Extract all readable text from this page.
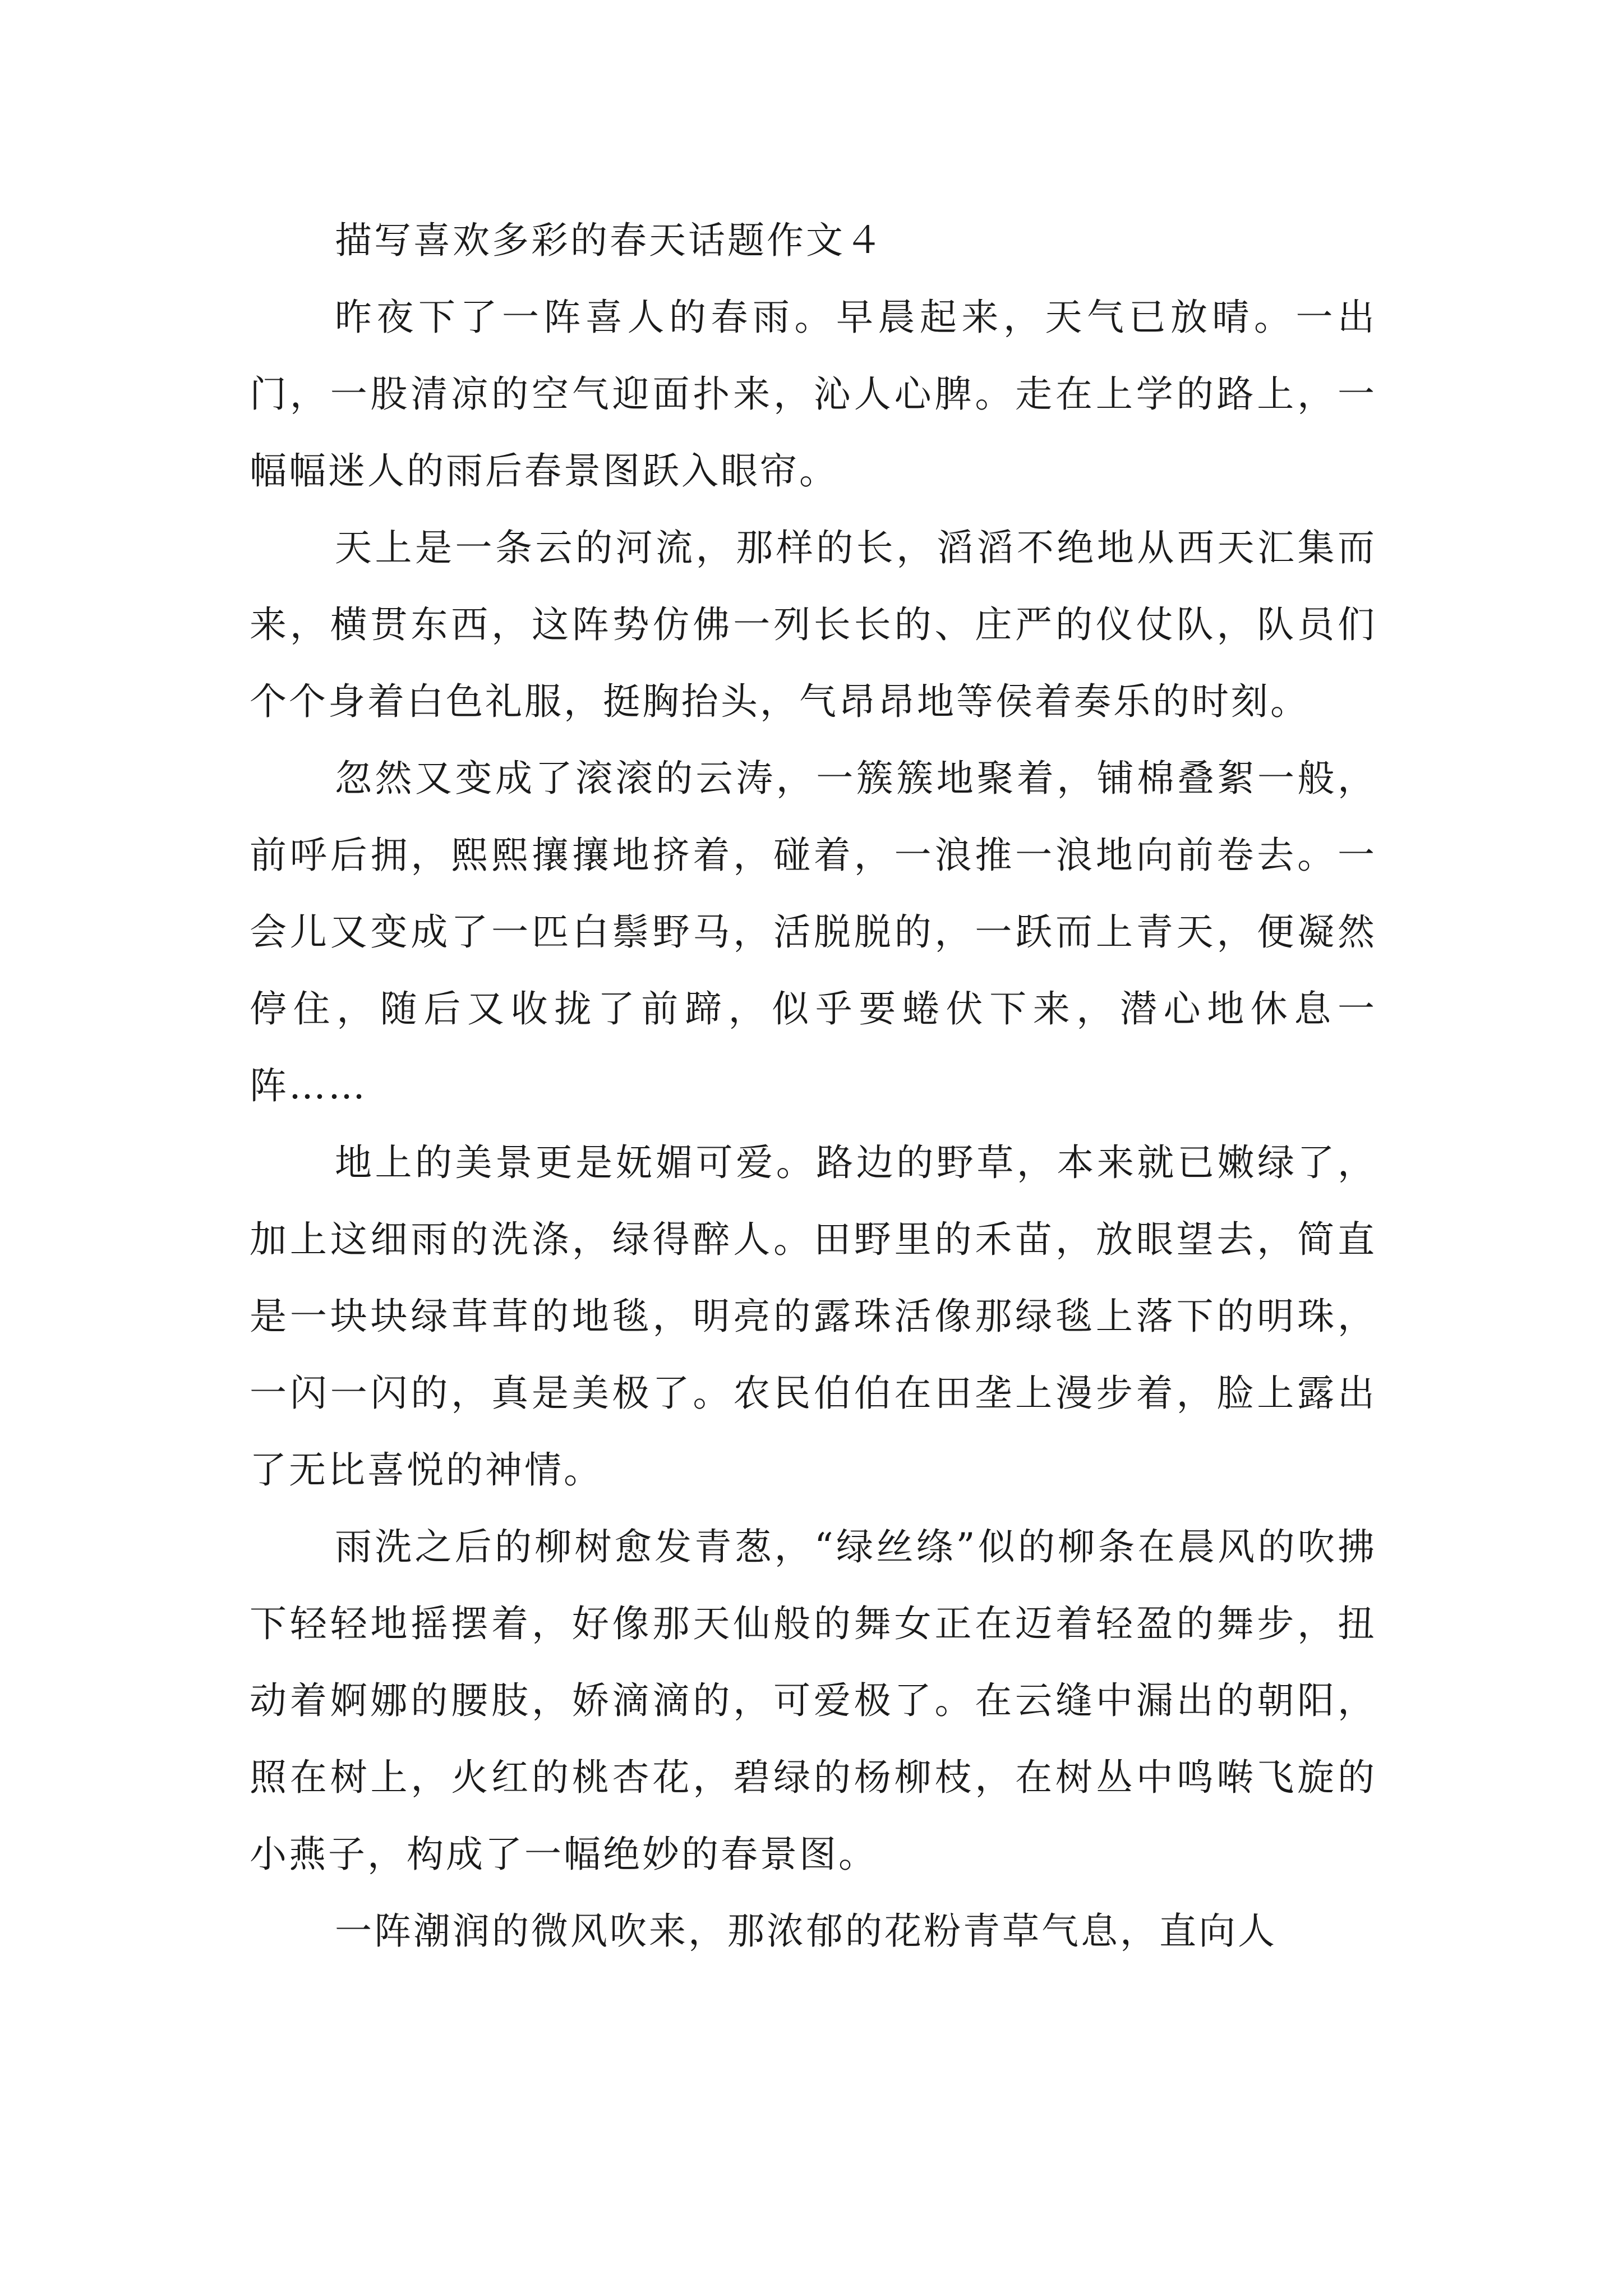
描写喜欢多彩的春天话题作文４

昨夜下了一阵喜人的春雨。早晨起来，天气已放晴。一出门，一股清凉的空气迎面扑来，沁人心脾。走在上学的路上，一幅幅迷人的雨后春景图跃入眼帘。

天上是一条云的河流，那样的长，滔滔不绝地从西天汇集而来，横贯东西，这阵势仿佛一列长长的、庄严的仪仗队，队员们个个身着白色礼服，挺胸抬头，气昂昂地等侯着奏乐的时刻。

忽然又变成了滚滚的云涛，一簇簇地聚着，铺棉叠絮一般，前呼后拥，熙熙攘攘地挤着，碰着，一浪推一浪地向前卷去。一会儿又变成了一匹白鬃野马，活脱脱的，一跃而上青天，便凝然停住，随后又收拢了前蹄，似乎要蜷伏下来，潜心地休息一阵……

地上的美景更是妩媚可爱。路边的野草，本来就已嫩绿了，加上这细雨的洗涤，绿得醉人。田野里的禾苗，放眼望去，简直是一块块绿茸茸的地毯，明亮的露珠活像那绿毯上落下的明珠，一闪一闪的，真是美极了。农民伯伯在田垄上漫步着，脸上露出了无比喜悦的神情。

雨洗之后的柳树愈发青葱，“绿丝绦”似的柳条在晨风的吹拂下轻轻地摇摆着，好像那天仙般的舞女正在迈着轻盈的舞步，扭动着婀娜的腰肢，娇滴滴的，可爱极了。在云缝中漏出的朝阳，照在树上，火红的桃杏花，碧绿的杨柳枝，在树丛中鸣啭飞旋的小燕子，构成了一幅绝妙的春景图。

一阵潮润的微风吹来，那浓郁的花粉青草气息，直向人
